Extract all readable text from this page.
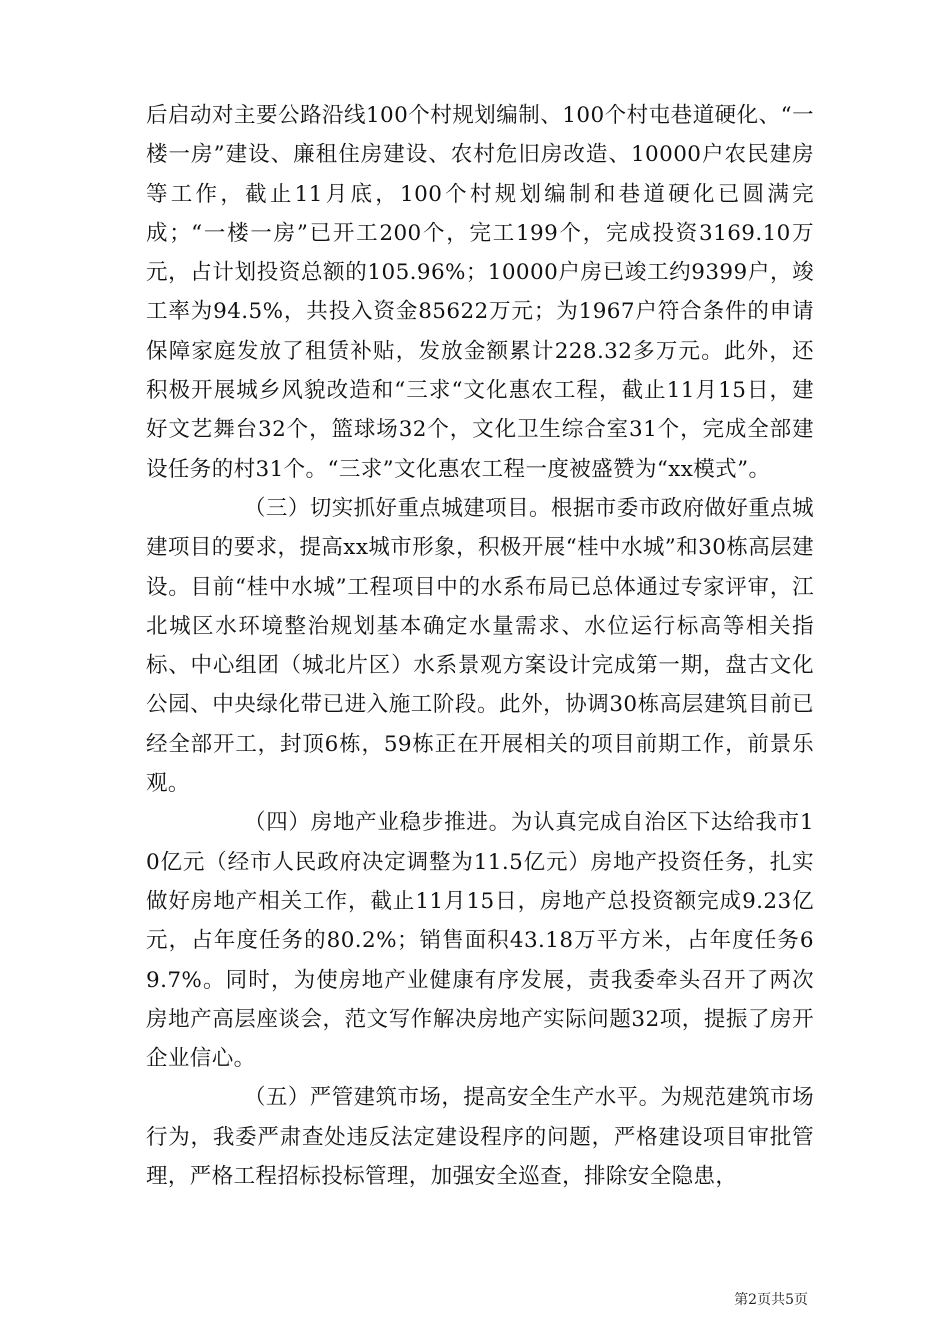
后启动对主要公路沿线100个村规划编制、100个村屯巷道硬化、“一楼一房”建设、廉租住房建设、农村危旧房改造、10000户农民建房等工作，截止11月底，100个村规划编制和巷道硬化已圆满完成；“一楼一房”已开工200个，完工199个，完成投资3169.10万元，占计划投资总额的105.96%；10000户房已竣工约9399户，竣工率为94.5%，共投入资金85622万元；为1967户符合条件的申请保障家庭发放了租赁补贴，发放金额累计228.32多万元。此外，还积极开展城乡风貌改造和“三求“文化惠农工程，截止11月15日，建好文艺舞台32个，篮球场32个，文化卫生综合室31个，完成全部建设任务的村31个。“三求”文化惠农工程一度被盛赞为“xx模式”。

（三）切实抓好重点城建项目。根据市委市政府做好重点城建项目的要求，提高xx城市形象，积极开展“桂中水城”和30栋高层建设。目前“桂中水城”工程项目中的水系布局已总体通过专家评审，江北城区水环境整治规划基本确定水量需求、水位运行标高等相关指标、中心组团（城北片区）水系景观方案设计完成第一期，盘古文化公园、中央绿化带已进入施工阶段。此外，协调30栋高层建筑目前已经全部开工，封顶6栋，59栋正在开展相关的项目前期工作，前景乐观。

（四）房地产业稳步推进。为认真完成自治区下达给我市10亿元（经市人民政府决定调整为11.5亿元）房地产投资任务，扎实做好房地产相关工作，截止11月15日，房地产总投资额完成9.23亿元，占年度任务的80.2%；销售面积43.18万平方米，占年度任务69.7%。同时，为使房地产业健康有序发展，责我委牵头召开了两次房地产高层座谈会，范文写作解决房地产实际问题32项，提振了房开企业信心。

（五）严管建筑市场，提高安全生产水平。为规范建筑市场行为，我委严肃查处违反法定建设程序的问题，严格建设项目审批管理，严格工程招标投标管理，加强安全巡查，排除安全隐患，

第2页共5页
